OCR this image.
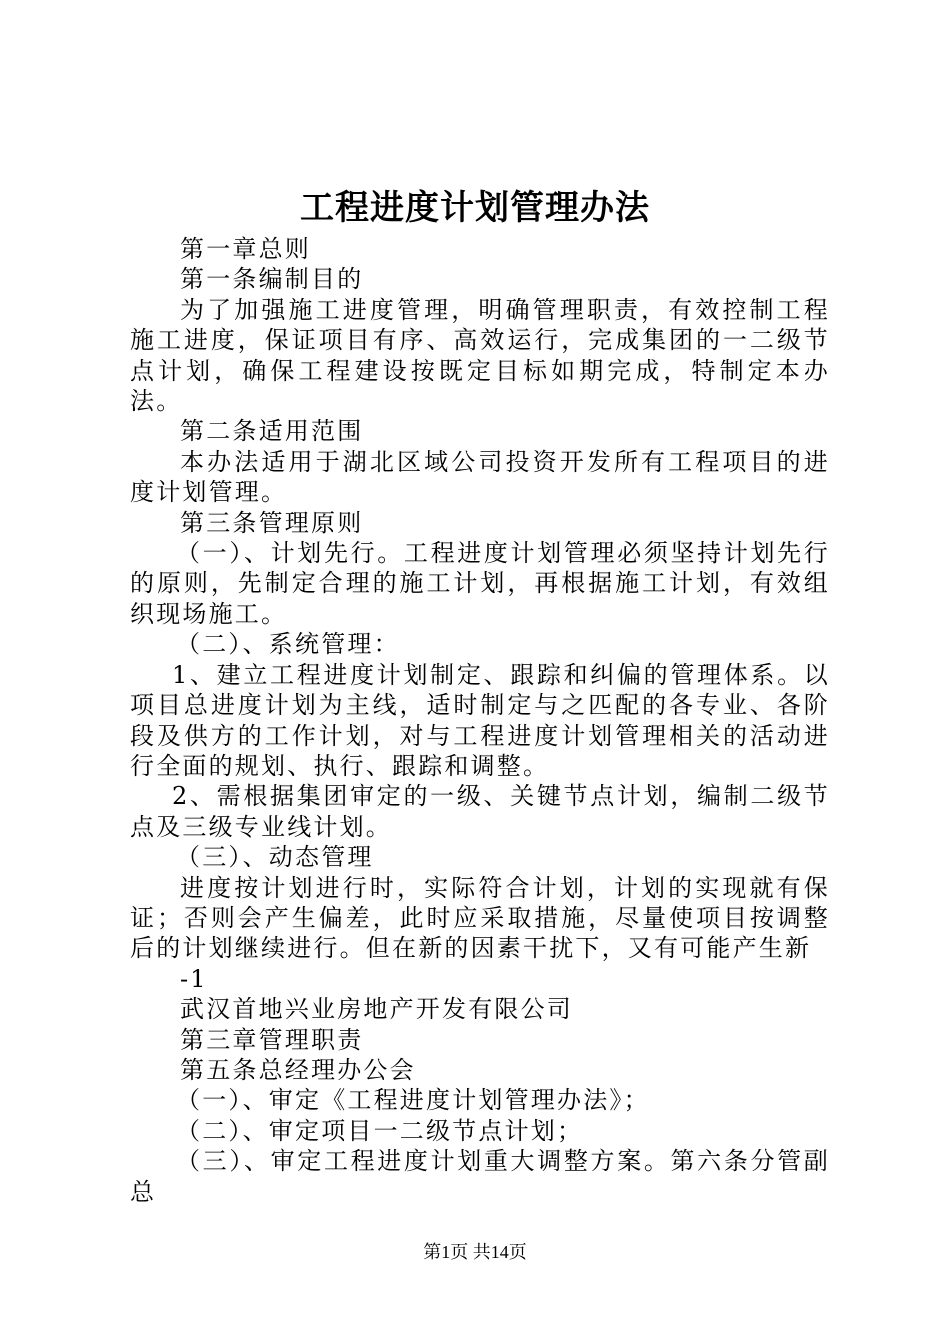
工程进度计划管理办法

第一章总则

第一条编制目的

为了加强施工进度管理，明确管理职责，有效控制工程施工进度，保证项目有序、高效运行，完成集团的一二级节点计划，确保工程建设按既定目标如期完成，特制定本办法。

第二条适用范围

本办法适用于湖北区域公司投资开发所有工程项目的进度计划管理。

第三条管理原则

（一）、计划先行。工程进度计划管理必须坚持计划先行的原则，先制定合理的施工计划，再根据施工计划，有效组织现场施工。

（二）、系统管理：

1、建立工程进度计划制定、跟踪和纠偏的管理体系。以项目总进度计划为主线，适时制定与之匹配的各专业、各阶段及供方的工作计划，对与工程进度计划管理相关的活动进行全面的规划、执行、跟踪和调整。

2、需根据集团审定的一级、关键节点计划，编制二级节点及三级专业线计划。

（三）、动态管理

进度按计划进行时，实际符合计划，计划的实现就有保证；否则会产生偏差，此时应采取措施，尽量使项目按调整后的计划继续进行。但在新的因素干扰下，又有可能产生新

-1

武汉首地兴业房地产开发有限公司

第三章管理职责

第五条总经理办公会

（一）、审定《工程进度计划管理办法》；

（二）、审定项目一二级节点计划；

（三）、审定工程进度计划重大调整方案。第六条分管副总

第1页 共14页
